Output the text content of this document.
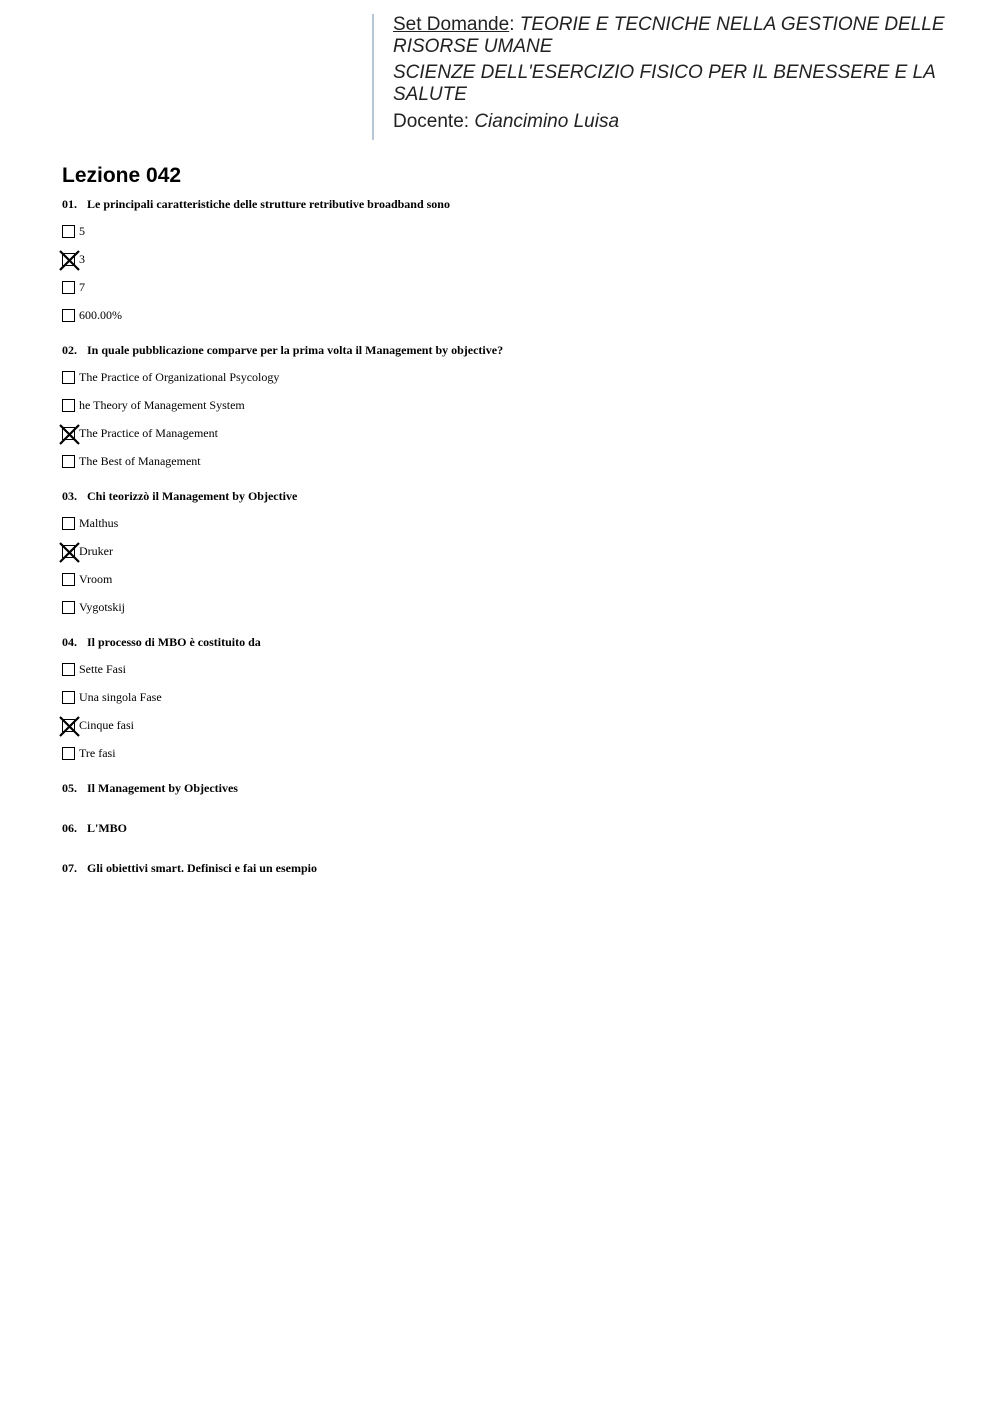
Set Domande: TEORIE E TECNICHE NELLA GESTIONE DELLE RISORSE UMANE
SCIENZE DELL'ESERCIZIO FISICO PER IL BENESSERE E LA SALUTE
Docente: Ciancimino Luisa
Lezione 042
01. Le principali caratteristiche delle strutture retributive broadband sono
5
3
7
600.00%
02. In quale pubblicazione comparve per la prima volta il Management by objective?
The Practice of Organizational Psycology
he Theory of Management System
The Practice of Management
The Best of Management
03. Chi teorizzò il Management by Objective
Malthus
Druker
Vroom
Vygotskij
04. Il processo di MBO è costituito da
Sette Fasi
Una singola Fase
Cinque fasi
Tre fasi
05. Il Management by Objectives
06. L'MBO
07. Gli obiettivi smart. Definisci e fai un esempio
